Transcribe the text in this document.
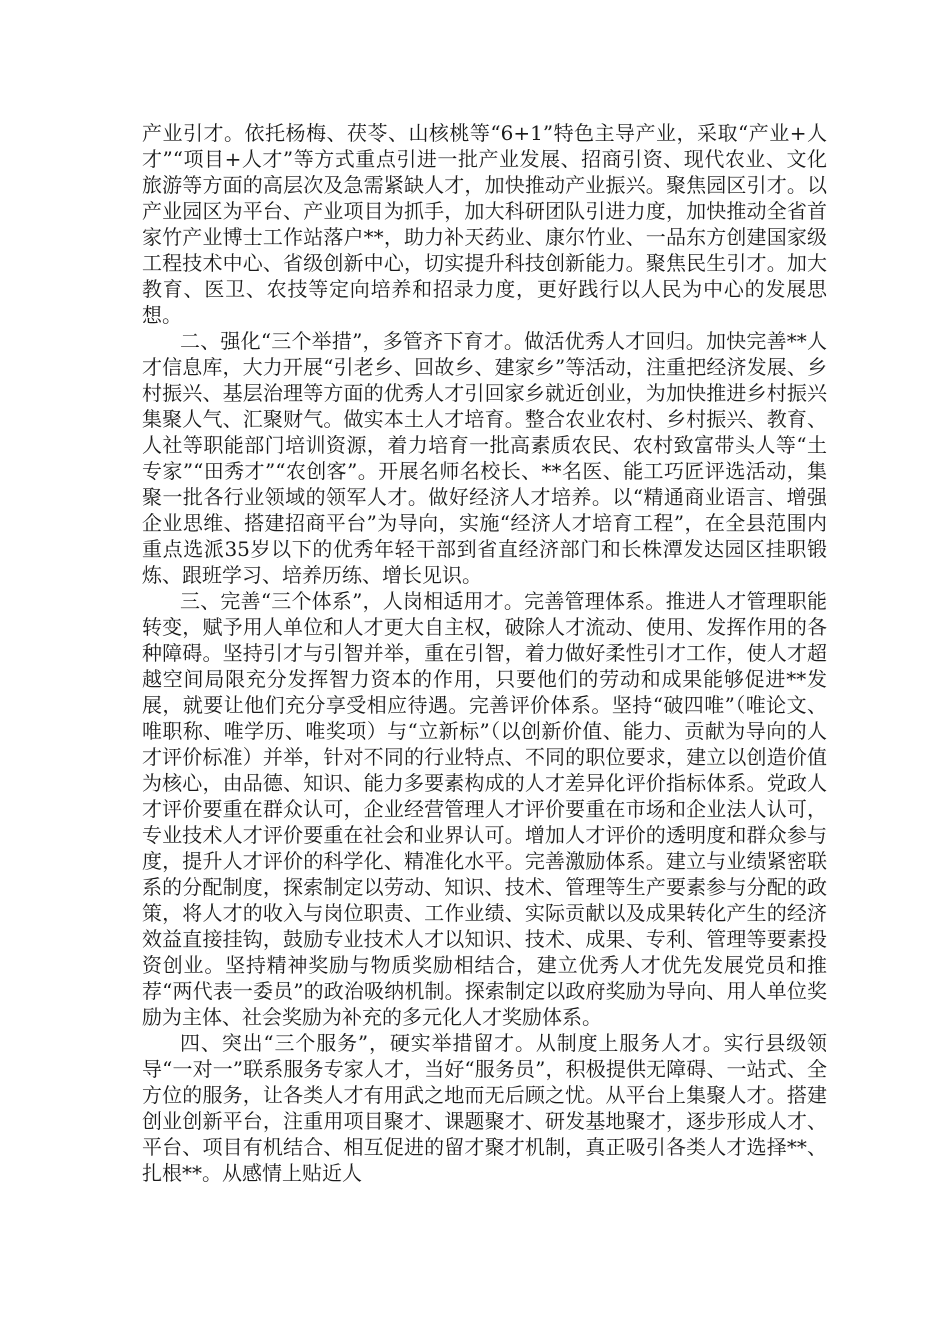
产业引才。依托杨梅、茯苓、山核桃等“6+1”特色主导产业，采取“产业+人才”“项目+人才”等方式重点引进一批产业发展、招商引资、现代农业、文化旅游等方面的高层次及急需紧缺人才，加快推动产业振兴。聚焦园区引才。以产业园区为平台、产业项目为抓手，加大科研团队引进力度，加快推动全省首家竹产业博士工作站落户**，助力补天药业、康尔竹业、一品东方创建国家级工程技术中心、省级创新中心，切实提升科技创新能力。聚焦民生引才。加大教育、医卫、农技等定向培养和招录力度，更好践行以人民为中心的发展思想。

二、强化“三个举措”，多管齐下育才。做活优秀人才回归。加快完善**人才信息库，大力开展“引老乡、回故乡、建家乡”等活动，注重把经济发展、乡村振兴、基层治理等方面的优秀人才引回家乡就近创业，为加快推进乡村振兴集聚人气、汇聚财气。做实本土人才培育。整合农业农村、乡村振兴、教育、人社等职能部门培训资源，着力培育一批高素质农民、农村致富带头人等“土专家”“田秀才”“农创客”。开展名师名校长、**名医、能工巧匠评选活动，集聚一批各行业领域的领军人才。做好经济人才培养。以“精通商业语言、增强企业思维、搭建招商平台”为导向，实施“经济人才培育工程”，在全县范围内重点选派35岁以下的优秀年轻干部到省直经济部门和长株潭发达园区挂职锻炼、跟班学习、培养历练、增长见识。

三、完善“三个体系”，人岗相适用才。完善管理体系。推进人才管理职能转变，赋予用人单位和人才更大自主权，破除人才流动、使用、发挥作用的各种障碍。坚持引才与引智并举，重在引智，着力做好柔性引才工作，使人才超越空间局限充分发挥智力资本的作用，只要他们的劳动和成果能够促进**发展，就要让他们充分享受相应待遇。完善评价体系。坚持“破四唯”（唯论文、唯职称、唯学历、唯奖项）与“立新标”（以创新价值、能力、贡献为导向的人才评价标准）并举，针对不同的行业特点、不同的职位要求，建立以创造价值为核心，由品德、知识、能力多要素构成的人才差异化评价指标体系。党政人才评价要重在群众认可，企业经营管理人才评价要重在市场和企业法人认可，专业技术人才评价要重在社会和业界认可。增加人才评价的透明度和群众参与度，提升人才评价的科学化、精准化水平。完善激励体系。建立与业绩紧密联系的分配制度，探索制定以劳动、知识、技术、管理等生产要素参与分配的政策，将人才的收入与岗位职责、工作业绩、实际贡献以及成果转化产生的经济效益直接挂钩，鼓励专业技术人才以知识、技术、成果、专利、管理等要素投资创业。坚持精神奖励与物质奖励相结合，建立优秀人才优先发展党员和推荐“两代表一委员”的政治吸纳机制。探索制定以政府奖励为导向、用人单位奖励为主体、社会奖励为补充的多元化人才奖励体系。

四、突出“三个服务”，硬实举措留才。从制度上服务人才。实行县级领导“一对一”联系服务专家人才，当好“服务员”，积极提供无障碍、一站式、全方位的服务，让各类人才有用武之地而无后顾之忧。从平台上集聚人才。搭建创业创新平台，注重用项目聚才、课题聚才、研发基地聚才，逐步形成人才、平台、项目有机结合、相互促进的留才聚才机制，真正吸引各类人才选择**、扎根**。从感情上贴近人
